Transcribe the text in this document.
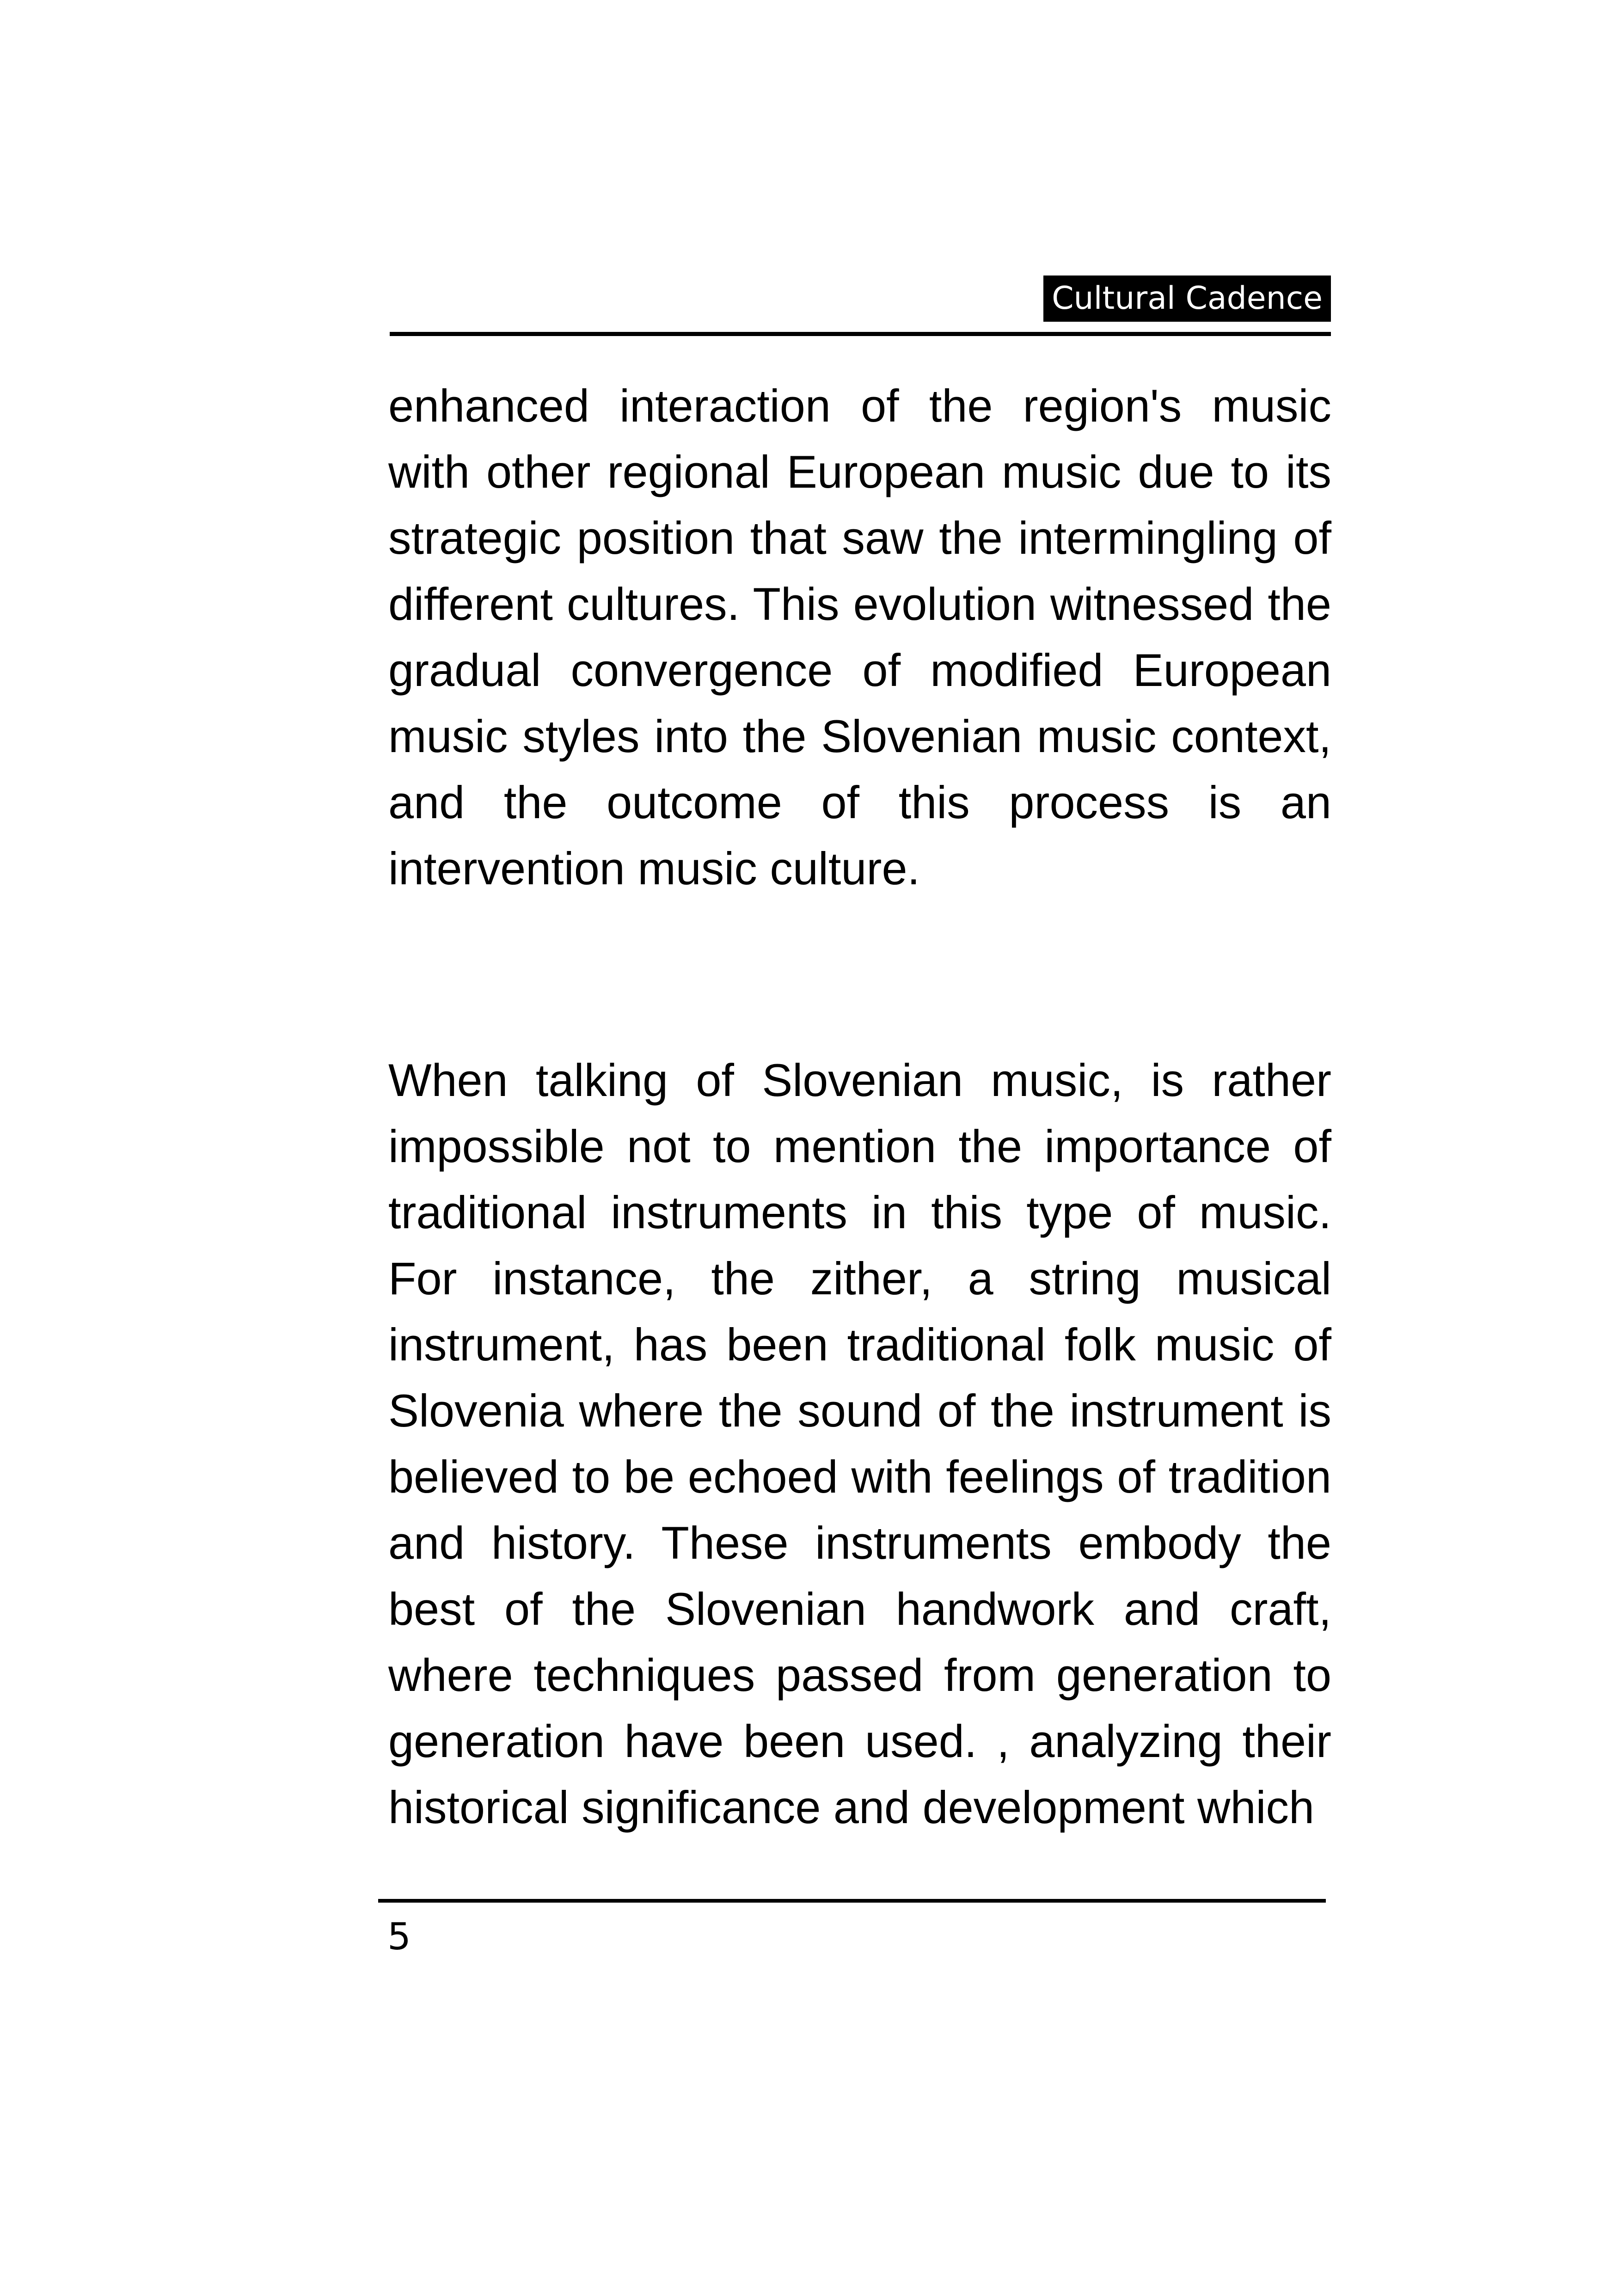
Cultural Cadence

enhanced interaction of the region's music with other regional European music due to its strategic position that saw the intermingling of different cultures. This evolution witnessed the gradual convergence of modified European music styles into the Slovenian music context, and the outcome of this process is an intervention music culture.

When talking of Slovenian music, is rather impossible not to mention the importance of traditional instruments in this type of music. For instance, the zither, a string musical instrument, has been traditional folk music of Slovenia where the sound of the instrument is believed to be echoed with feelings of tradition and history. These instruments embody the best of the Slovenian handwork and craft, where techniques passed from generation to generation have been used. , analyzing their historical significance and development which

5
